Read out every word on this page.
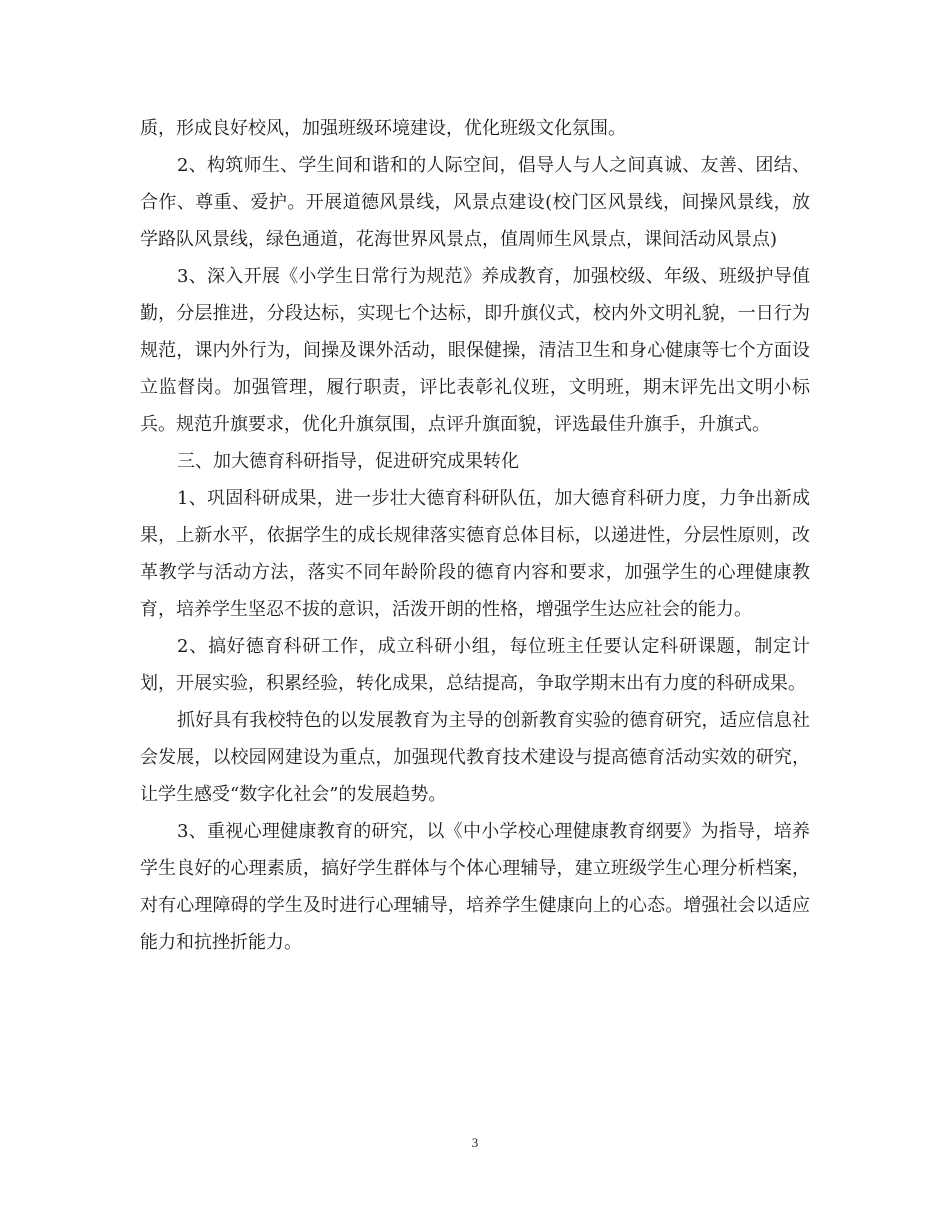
质，形成良好校风，加强班级环境建设，优化班级文化氛围。

2、构筑师生、学生间和谐和的人际空间，倡导人与人之间真诚、友善、团结、合作、尊重、爱护。开展道德风景线，风景点建设(校门区风景线，间操风景线，放学路队风景线，绿色通道，花海世界风景点，值周师生风景点，课间活动风景点)

3、深入开展《小学生日常行为规范》养成教育，加强校级、年级、班级护导值勤，分层推进，分段达标，实现七个达标，即升旗仪式，校内外文明礼貌，一日行为规范，课内外行为，间操及课外活动，眼保健操，清洁卫生和身心健康等七个方面设立监督岗。加强管理，履行职责，评比表彰礼仪班，文明班，期末评先出文明小标兵。规范升旗要求，优化升旗氛围，点评升旗面貌，评选最佳升旗手，升旗式。

三、加大德育科研指导，促进研究成果转化

1、巩固科研成果，进一步壮大德育科研队伍，加大德育科研力度，力争出新成果，上新水平，依据学生的成长规律落实德育总体目标，以递进性，分层性原则，改革教学与活动方法，落实不同年龄阶段的德育内容和要求，加强学生的心理健康教育，培养学生坚忍不拔的意识，活泼开朗的性格，增强学生达应社会的能力。

2、搞好德育科研工作，成立科研小组，每位班主任要认定科研课题，制定计划，开展实验，积累经验，转化成果，总结提高，争取学期末出有力度的科研成果。

抓好具有我校特色的以发展教育为主导的创新教育实验的德育研究，适应信息社会发展，以校园网建设为重点，加强现代教育技术建设与提高德育活动实效的研究，让学生感受“数字化社会”的发展趋势。

3、重视心理健康教育的研究，以《中小学校心理健康教育纲要》为指导，培养学生良好的心理素质，搞好学生群体与个体心理辅导，建立班级学生心理分析档案，对有心理障碍的学生及时进行心理辅导，培养学生健康向上的心态。增强社会以适应能力和抗挫折能力。

3
